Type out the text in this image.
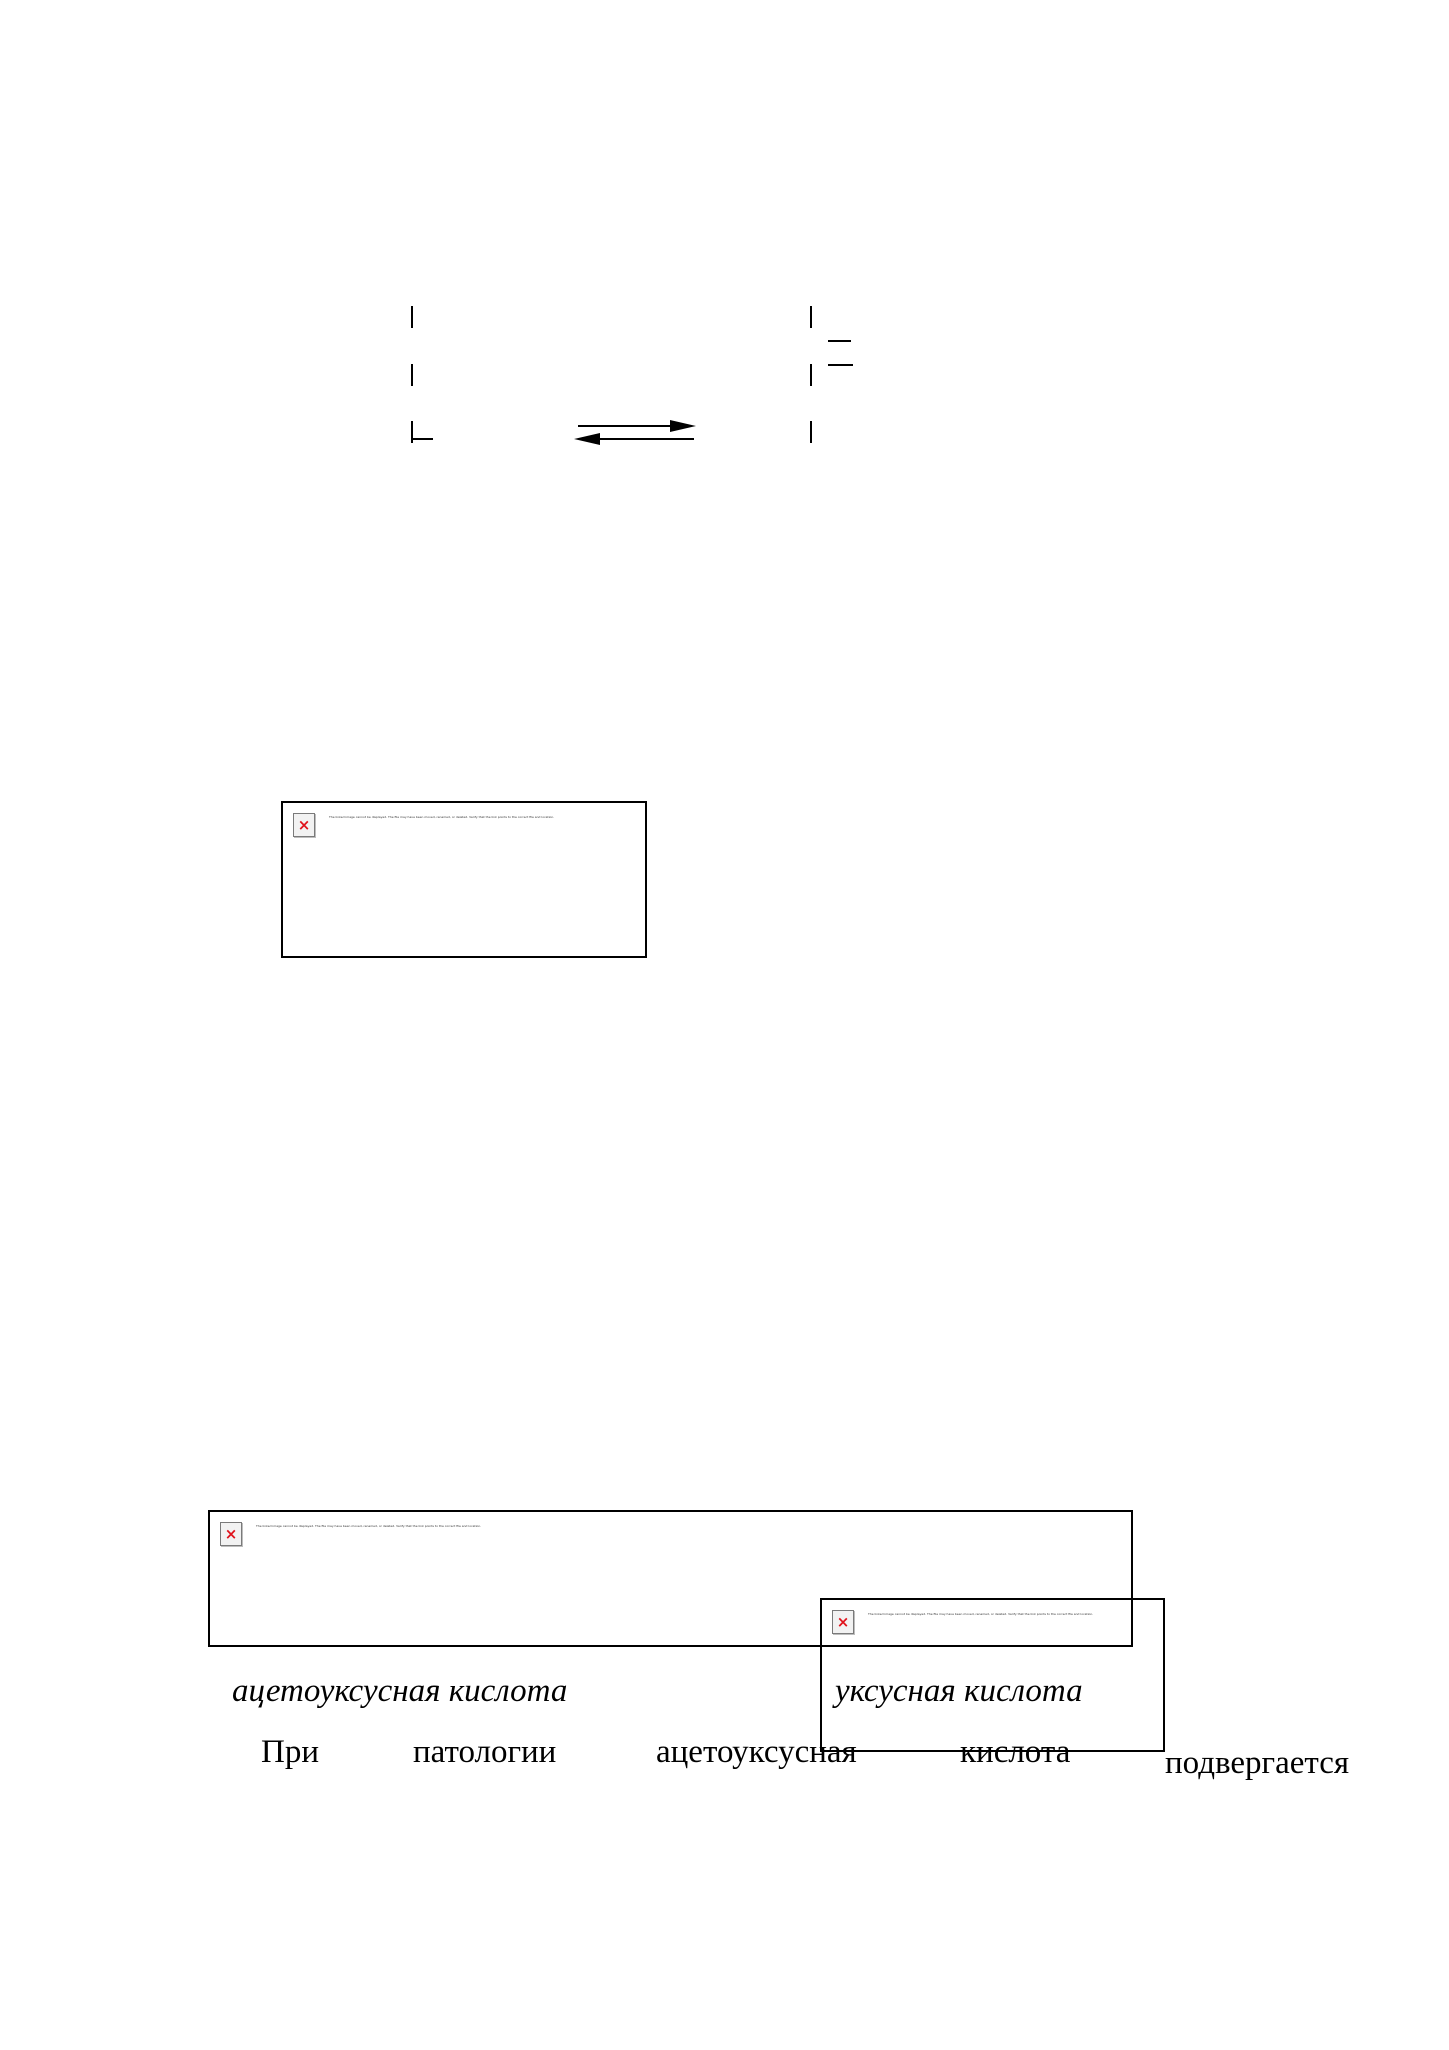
×	The linked image cannot be displayed. The file may have been moved, renamed, or deleted. Verify that the link points to the correct file and location.
×	The linked image cannot be displayed. The file may have been moved, renamed, or deleted. Verify that the link points to the correct file and location.
×	The linked image cannot be displayed. The file may have been moved, renamed, or deleted. Verify that the link points to the correct file and location.
ацетоуксусная кислота	уксусная кислота
При	патологии	ацетоуксусная	кислота	подвергается
